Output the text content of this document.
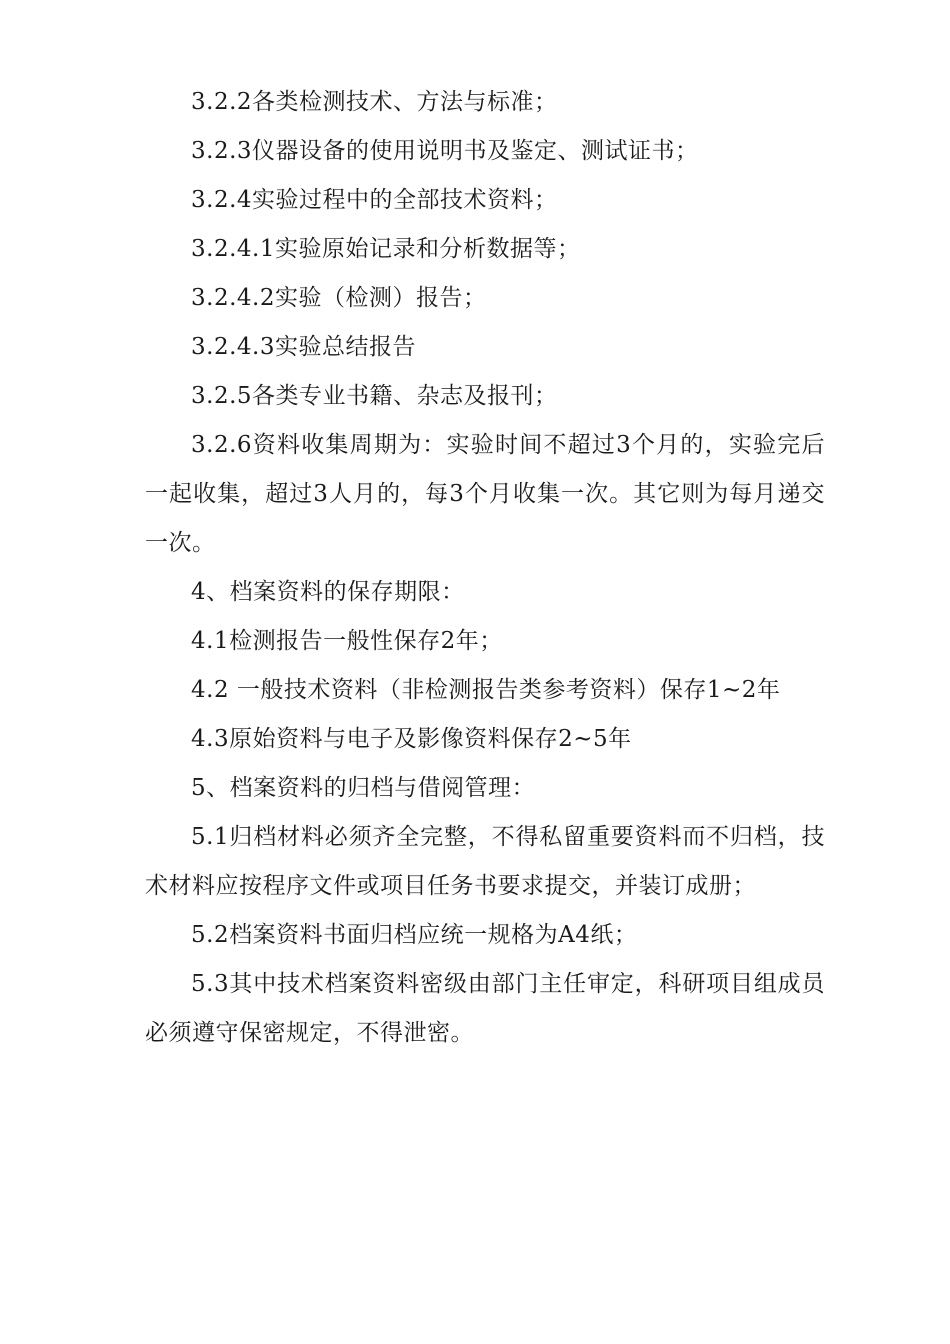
3.2.2各类检测技术、方法与标准；

3.2.3仪器设备的使用说明书及鉴定、测试证书；

3.2.4实验过程中的全部技术资料；

3.2.4.1实验原始记录和分析数据等；

3.2.4.2实验（检测）报告；

3.2.4.3实验总结报告

3.2.5各类专业书籍、杂志及报刊；

3.2.6资料收集周期为：实验时间不超过3个月的，实验完后一起收集，超过3人月的，每3个月收集一次。其它则为每月递交一次。

4、档案资料的保存期限：

4.1检测报告一般性保存2年；

4.2 一般技术资料（非检测报告类参考资料）保存1~2年

4.3原始资料与电子及影像资料保存2~5年

5、档案资料的归档与借阅管理：

5.1归档材料必须齐全完整，不得私留重要资料而不归档，技术材料应按程序文件或项目任务书要求提交，并装订成册；

5.2档案资料书面归档应统一规格为A4纸；

5.3其中技术档案资料密级由部门主任审定，科研项目组成员必须遵守保密规定，不得泄密。
